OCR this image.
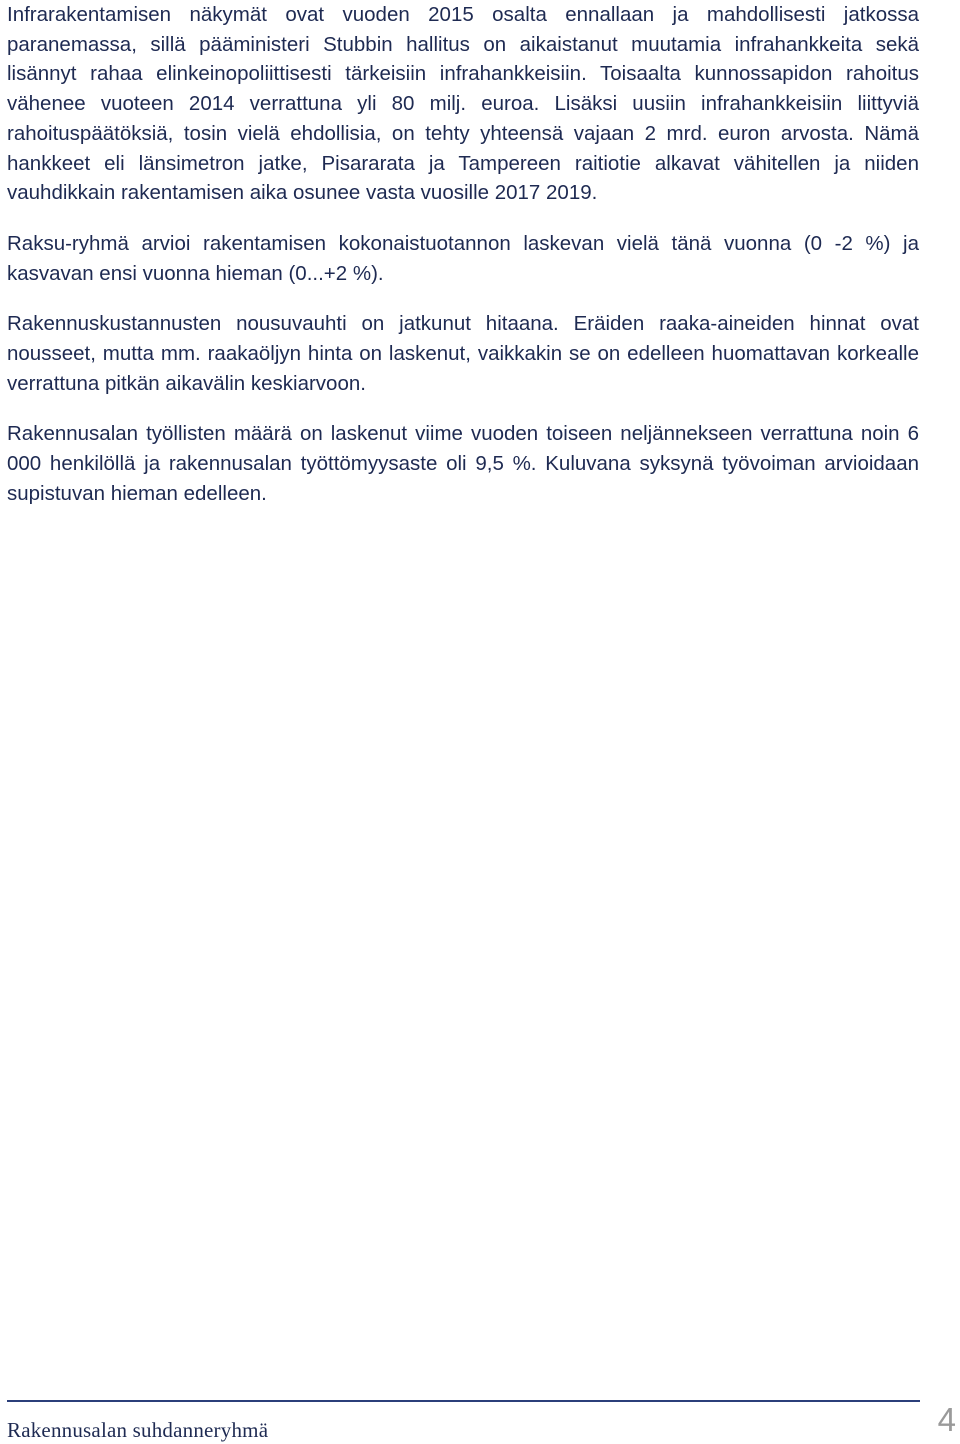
Infrarakentamisen näkymät ovat vuoden 2015 osalta ennallaan ja mahdollisesti jatkossa paranemassa, sillä pääministeri Stubbin hallitus on aikaistanut muutamia infrahankkeita sekä lisännyt rahaa elinkeinopoliittisesti tärkeisiin infrahankkeisiin. Toisaalta kunnossapidon rahoitus vähenee vuoteen 2014 verrattuna yli 80 milj. euroa. Lisäksi uusiin infrahankkeisiin liittyviä rahoituspäätöksiä, tosin vielä ehdollisia, on tehty yhteensä vajaan 2 mrd. euron arvosta. Nämä hankkeet eli länsimetron jatke, Pisararata ja Tampereen raitiotie alkavat vähitellen ja niiden vauhdikkain rakentamisen aika osunee vasta vuosille 2017 2019.

Raksu-ryhmä arvioi rakentamisen kokonaistuotannon laskevan vielä tänä vuonna (0 -2 %) ja kasvavan ensi vuonna hieman (0...+2 %).

Rakennuskustannusten nousuvauhti on jatkunut hitaana. Eräiden raaka-aineiden hinnat ovat nousseet, mutta mm. raakaöljyn hinta on laskenut, vaikkakin se on edelleen huomattavan korkealle verrattuna pitkän aikavälin keskiarvoon.

Rakennusalan työllisten määrä on laskenut viime vuoden toiseen neljännekseen verrattuna noin 6 000 henkilöllä ja rakennusalan työttömyysaste oli 9,5 %. Kuluvana syksynä työvoiman arvioidaan supistuvan hieman edelleen.

Rakennusalan suhdanneryhmä	4
